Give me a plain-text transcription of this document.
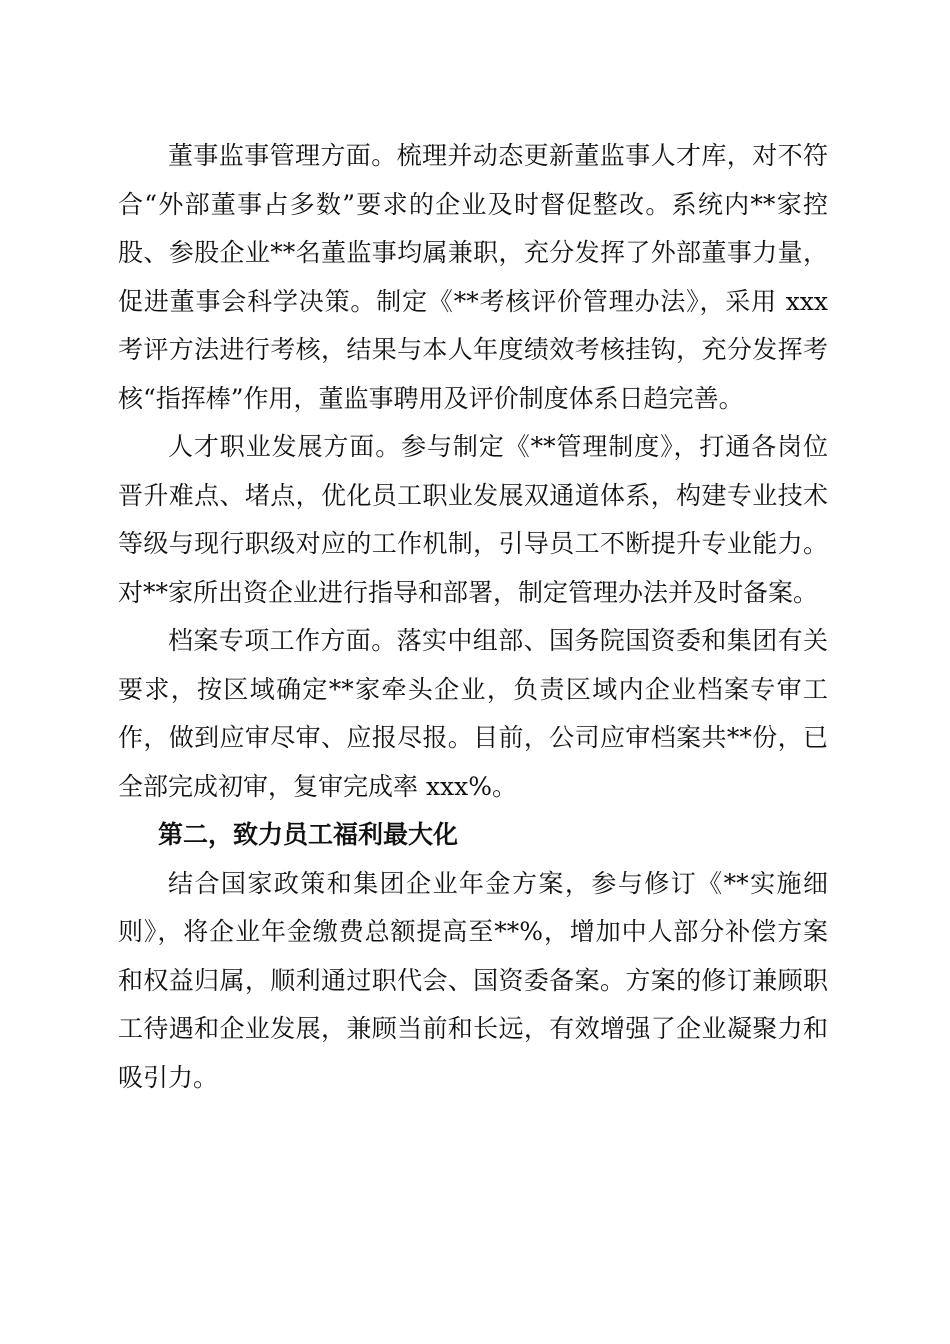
董事监事管理方面。梳理并动态更新董监事人才库，对不符合“外部董事占多数”要求的企业及时督促整改。系统内**家控股、参股企业**名董监事均属兼职，充分发挥了外部董事力量，促进董事会科学决策。制定《**考核评价管理办法》，采用 xxx 考评方法进行考核，结果与本人年度绩效考核挂钩，充分发挥考核“指挥棒”作用，董监事聘用及评价制度体系日趋完善。

人才职业发展方面。参与制定《**管理制度》，打通各岗位晋升难点、堵点，优化员工职业发展双通道体系，构建专业技术等级与现行职级对应的工作机制，引导员工不断提升专业能力。对**家所出资企业进行指导和部署，制定管理办法并及时备案。

档案专项工作方面。落实中组部、国务院国资委和集团有关要求，按区域确定**家牵头企业，负责区域内企业档案专审工作，做到应审尽审、应报尽报。目前，公司应审档案共**份，已全部完成初审，复审完成率 xxx%。

第二，致力员工福利最大化

结合国家政策和集团企业年金方案，参与修订《**实施细则》，将企业年金缴费总额提高至**%，增加中人部分补偿方案和权益归属，顺利通过职代会、国资委备案。方案的修订兼顾职工待遇和企业发展，兼顾当前和长远，有效增强了企业凝聚力和吸引力。
